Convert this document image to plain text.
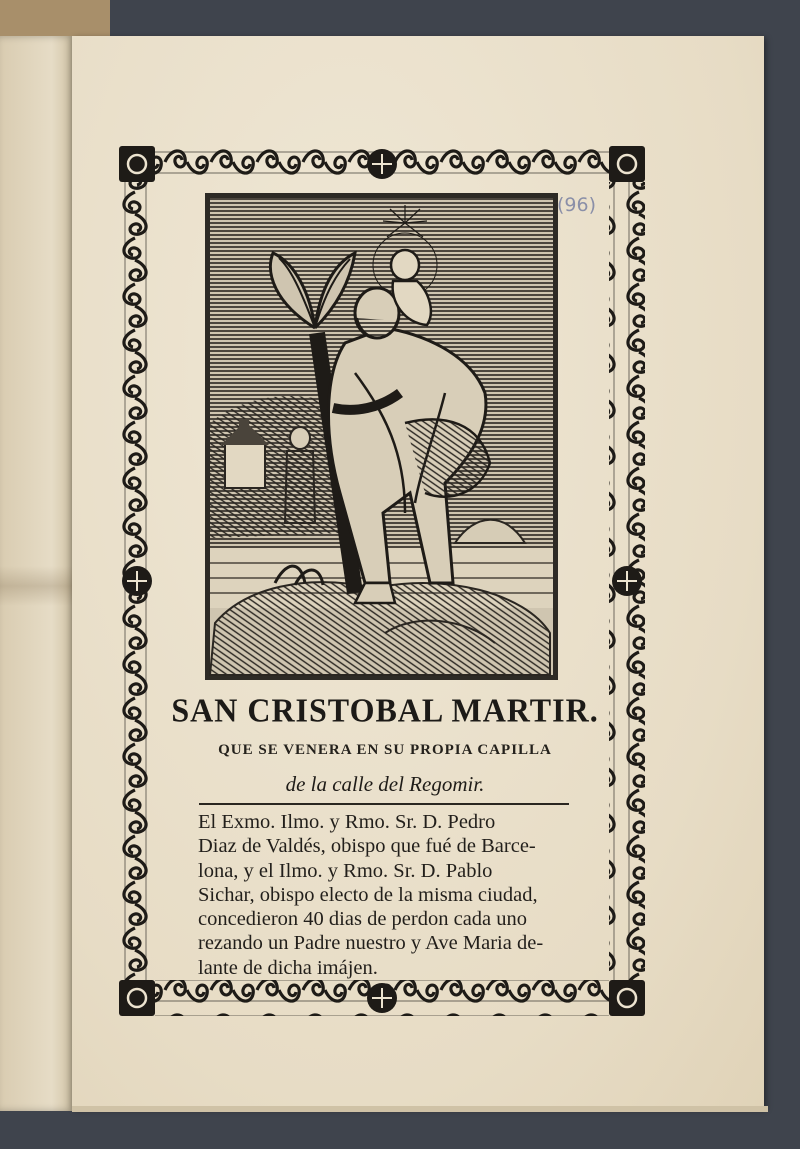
(96)
SAN CRISTOBAL MARTIR.
QUE SE VENERA EN SU PROPIA CAPILLA
de la calle del Regomir.
El Exmo. Ilmo. y Rmo. Sr. D. Pedro
Diaz de Valdés, obispo que fué de Barce-
lona, y el Ilmo. y Rmo. Sr. D. Pablo
Sichar, obispo electo de la misma ciudad,
concedieron 40 dias de perdon cada uno
rezando un Padre nuestro y Ave Maria de-
lante de dicha imájen.
